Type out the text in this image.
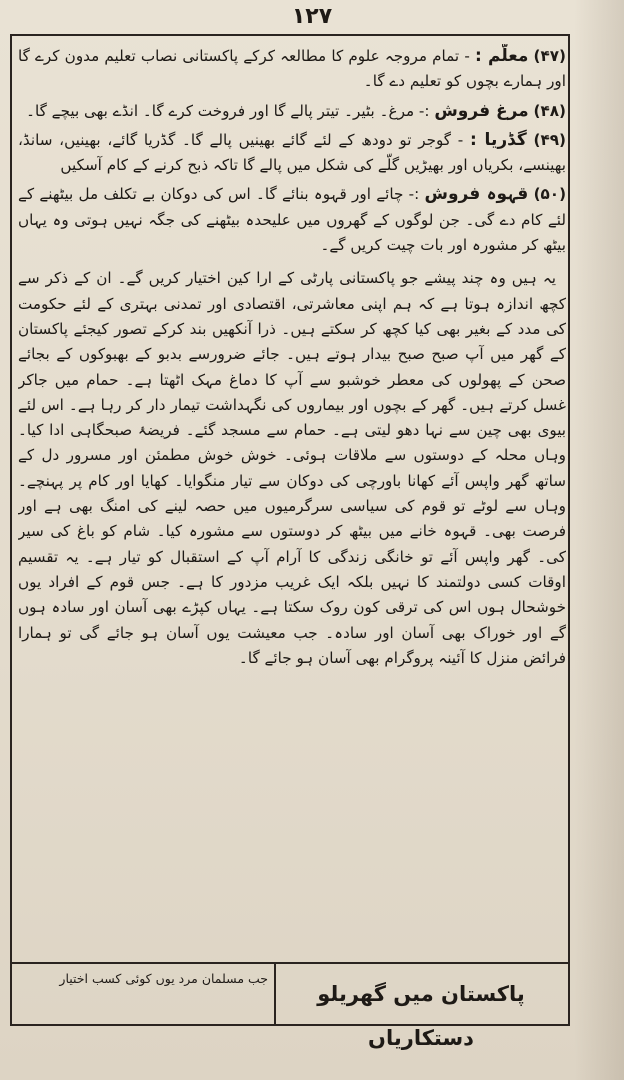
۱۲۷

(۴۷) معلّم : - تمام مروجہ علوم کا مطالعہ کرکے پاکستانی نصاب تعلیم مدون کرے گا اور ہمارے بچوں کو تعلیم دے گا۔

(۴۸) مرغ فروش :- مرغ۔ بٹیر۔ تیتر پالے گا اور فروخت کرے گا۔ انڈے بھی بیچے گا۔

(۴۹) گڈریا : - گوجر تو دودھ کے لئے گائے بھینیں پالے گا۔ گڈریا گائے، بھینیں، سانڈ، بھینسے، بکریاں اور بھیڑیں گلّے کی شکل میں پالے گا تاکہ ذبح کرنے کے کام آسکیں

(۵۰) قہوہ فروش :- چائے اور قہوہ بنائے گا۔ اس کی دوکان بے تکلف مل بیٹھنے کے لئے کام دے گی۔ جن لوگوں کے گھروں میں علیحدہ بیٹھنے کی جگہ نہیں ہوتی وہ یہاں بیٹھ کر مشورہ اور بات چیت کریں گے۔

یہ ہیں وہ چند پیشے جو پاکستانی پارٹی کے ارا کین اختیار کریں گے۔ ان کے ذکر سے کچھ اندازہ ہوتا ہے کہ ہم اپنی معاشرتی، اقتصادی اور تمدنی بہتری کے لئے حکومت کی مدد کے بغیر بھی کیا کچھ کر سکتے ہیں۔ ذرا آنکھیں بند کرکے تصور کیجئے پاکستان کے گھر میں آپ صبح صبح بیدار ہوتے ہیں۔ جائے ضرورسے بدبو کے بھبوکوں کے بجائے صحن کے پھولوں کی معطر خوشبو سے آپ کا دماغ مہک اٹھتا ہے۔ حمام میں جاکر غسل کرتے ہیں۔ گھر کے بچوں اور بیماروں کی نگہداشت تیمار دار کر رہا ہے۔ اس لئے بیوی بھی چین سے نہا دھو لیتی ہے۔ حمام سے مسجد گئے۔ فریضۂ صبحگاہی ادا کیا۔ وہاں محلہ کے دوستوں سے ملاقات ہوئی۔ خوش خوش مطمئن اور مسرور دل کے ساتھ گھر واپس آئے کھانا باورچی کی دوکان سے تیار منگوایا۔ کھایا اور کام پر پہنچے۔ وہاں سے لوٹے تو قوم کی سیاسی سرگرمیوں میں حصہ لینے کی امنگ بھی ہے اور فرصت بھی۔ قہوہ خانے میں بیٹھ کر دوستوں سے مشورہ کیا۔ شام کو باغ کی سیر کی۔ گھر واپس آئے تو خانگی زندگی کا آرام آپ کے استقبال کو تیار ہے۔ یہ تقسیم اوقات کسی دولتمند کا نہیں بلکہ ایک غریب مزدور کا ہے۔ جس قوم کے افراد یوں خوشحال ہوں اس کی ترقی کون روک سکتا ہے۔ یہاں کپڑے بھی آسان اور سادہ ہوں گے اور خوراک بھی آسان اور سادہ۔ جب معیشت یوں آسان ہو جائے گی تو ہمارا فرائض منزل کا آئینہ پروگرام بھی آسان ہو جائے گا۔

پاکستان میں گھریلو دستکاریاں
جب مسلمان مرد یوں کوئی کسب اختیار
